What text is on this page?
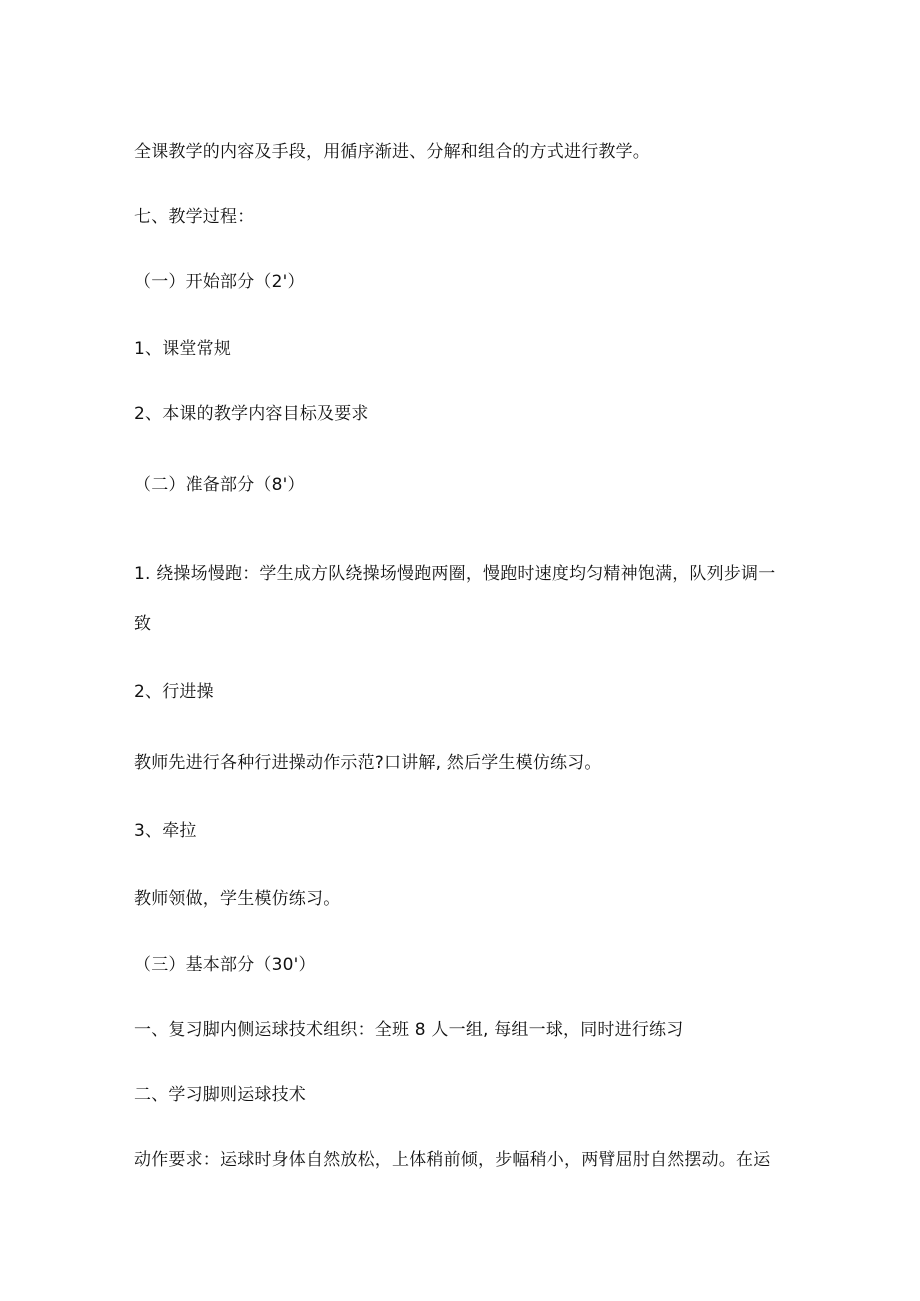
全课教学的内容及手段，用循序渐进、分解和组合的方式进行教学。

七、教学过程：

（一）开始部分（2'）

1、课堂常规

2、本课的教学内容目标及要求

（二）准备部分（8'）

1. 绕操场慢跑：学生成方队绕操场慢跑两圈，慢跑时速度均匀精神饱满，队列步调一

致

2、行进操

教师先进行各种行进操动作示范?口讲解, 然后学生模仿练习。

3、牵拉

教师领做，学生模仿练习。

（三）基本部分（30'）

一、复习脚内侧运球技术组织：全班 8 人一组, 每组一球，同时进行练习

二、学习脚则运球技术

动作要求：运球时身体自然放松，上体稍前倾，步幅稍小，两臂屈肘自然摆动。在运
